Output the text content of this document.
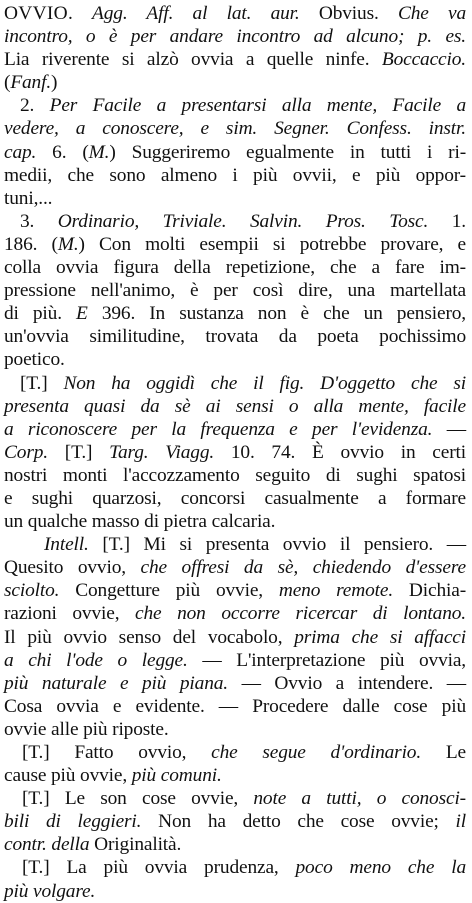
OVVIO. Agg. Aff. al lat. aur. Obvius. Che va
incontro, o è per andare incontro ad alcuno; p. es.
Lia riverente si alzò ovvia a quelle ninfe. Boccaccio.
(Fanf.)
2. Per Facile a presentarsi alla mente, Facile a
vedere, a conoscere, e sim. Segner. Confess. instr.
cap. 6. (M.) Suggeriremo egualmente in tutti i ri-
medii, che sono almeno i più ovvii, e più oppor-
tuni,...
3. Ordinario, Triviale. Salvin. Pros. Tosc. 1.
186. (M.) Con molti esempii si potrebbe provare, e
colla ovvia figura della repetizione, che a fare im-
pressione nell'animo, è per così dire, una martellata
di più. E 396. In sustanza non è che un pensiero,
un'ovvia similitudine, trovata da poeta pochissimo
poetico.
[T.] Non ha oggidì che il fig. D'oggetto che si
presenta quasi da sè ai sensi o alla mente, facile
a riconoscere per la frequenza e per l'evidenza. —
Corp. [T.] Targ. Viagg. 10. 74. È ovvio in certi
nostri monti l'accozzamento seguito di sughi spatosi
e sughi quarzosi, concorsi casualmente a formare
un qualche masso di pietra calcaria.
Intell. [T.] Mi si presenta ovvio il pensiero. —
Quesito ovvio, che offresi da sè, chiedendo d'essere
sciolto. Congetture più ovvie, meno remote. Dichia-
razioni ovvie, che non occorre ricercar di lontano.
Il più ovvio senso del vocabolo, prima che si affacci
a chi l'ode o legge. — L'interpretazione più ovvia,
più naturale e più piana. — Ovvio a intendere. —
Cosa ovvia e evidente. — Procedere dalle cose più
ovvie alle più riposte.
[T.] Fatto ovvio, che segue d'ordinario. Le
cause più ovvie, più comuni.
[T.] Le son cose ovvie, note a tutti, o conosci-
bili di leggieri. Non ha detto che cose ovvie; il
contr. della Originalità.
[T.] La più ovvia prudenza, poco meno che la
più volgare.
